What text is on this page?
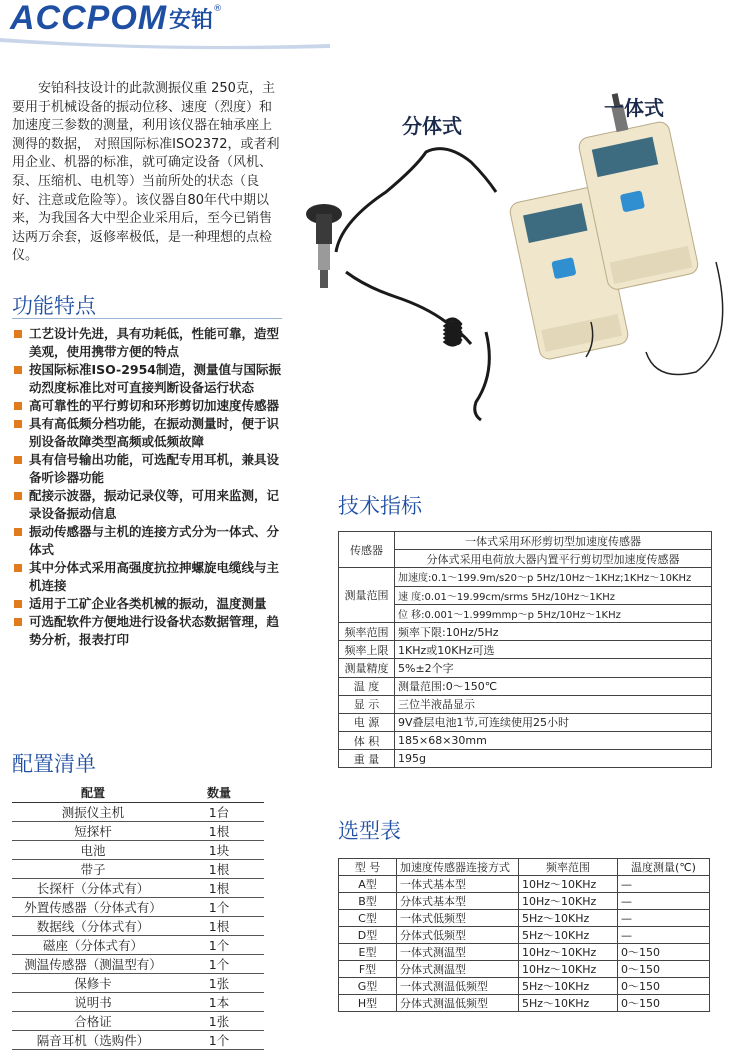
ACCPOM 安铂 ®

安铂科技设计的此款测振仪重 250克，主要用于机械设备的振动位移、速度（烈度）和加速度三参数的测量，利用该仪器在轴承座上测得的数据， 对照国际标准ISO2372，或者利用企业、机器的标准，就可确定设备（风机、泵、压缩机、电机等）当前所处的状态（良好、注意或危险等）。该仪器自80年代中期以来，为我国各大中型企业采用后，至今已销售达两万余套，返修率极低，是一种理想的点检仪。

分体式
一体式
功能特点
工艺设计先进，具有功耗低，性能可靠，造型美观，使用携带方便的特点
按国际标准ISO-2954制造，测量值与国际振动烈度标准比对可直接判断设备运行状态
高可靠性的平行剪切和环形剪切加速度传感器
具有高低频分档功能，在振动测量时，便于识别设备故障类型高频或低频故障
具有信号输出功能，可选配专用耳机，兼具设备听诊器功能
配接示波器，振动记录仪等，可用来监测，记录设备振动信息
振动传感器与主机的连接方式分为一体式、分体式
其中分体式采用高强度抗拉抻螺旋电缆线与主机连接
适用于工矿企业各类机械的振动，温度测量
可选配软件方便地进行设备状态数据管理，趋势分析，报表打印
配置清单
配置	数量
测振仪主机	1台
短探杆	1根
电池	1块
带子	1根
长探杆（分体式有）	1根
外置传感器（分体式有）	1个
数据线（分体式有）	1根
磁座（分体式有）	1个
测温传感器（测温型有）	1个
保修卡	1张
说明书	1本
合格证	1张
隔音耳机（选购件）	1个
技术指标
传感器	一体式采用环形剪切型加速度传感器
	分体式采用电荷放大器内置平行剪切型加速度传感器
测量范围	加速度:0.1～199.9m/s20～p 5Hz/10Hz～1KHz;1KHz～10KHz
	速 度:0.01～19.99cm/srms 5Hz/10Hz～1KHz
	位 移:0.001～1.999mmp～p 5Hz/10Hz～1KHz
频率范围	频率下限:10Hz/5Hz
频率上限	1KHz或10KHz可选
测量精度	5%±2个字
温 度	测量范围:0～150℃
显 示	三位半液晶显示
电 源	9V叠层电池1节,可连续使用25小时
体 积	185×68×30mm
重 量	195g
选型表
型 号	加速度传感器连接方式	频率范围	温度测量(℃)
A型	一体式基本型	10Hz～10KHz	—
B型	分体式基本型	10Hz～10KHz	—
C型	一体式低频型	5Hz～10KHz	—
D型	分体式低频型	5Hz～10KHz	—
E型	一体式测温型	10Hz～10KHz	0～150
F型	分体式测温型	10Hz～10KHz	0～150
G型	一体式测温低频型	5Hz～10KHz	0～150
H型	分体式测温低频型	5Hz～10KHz	0～150
